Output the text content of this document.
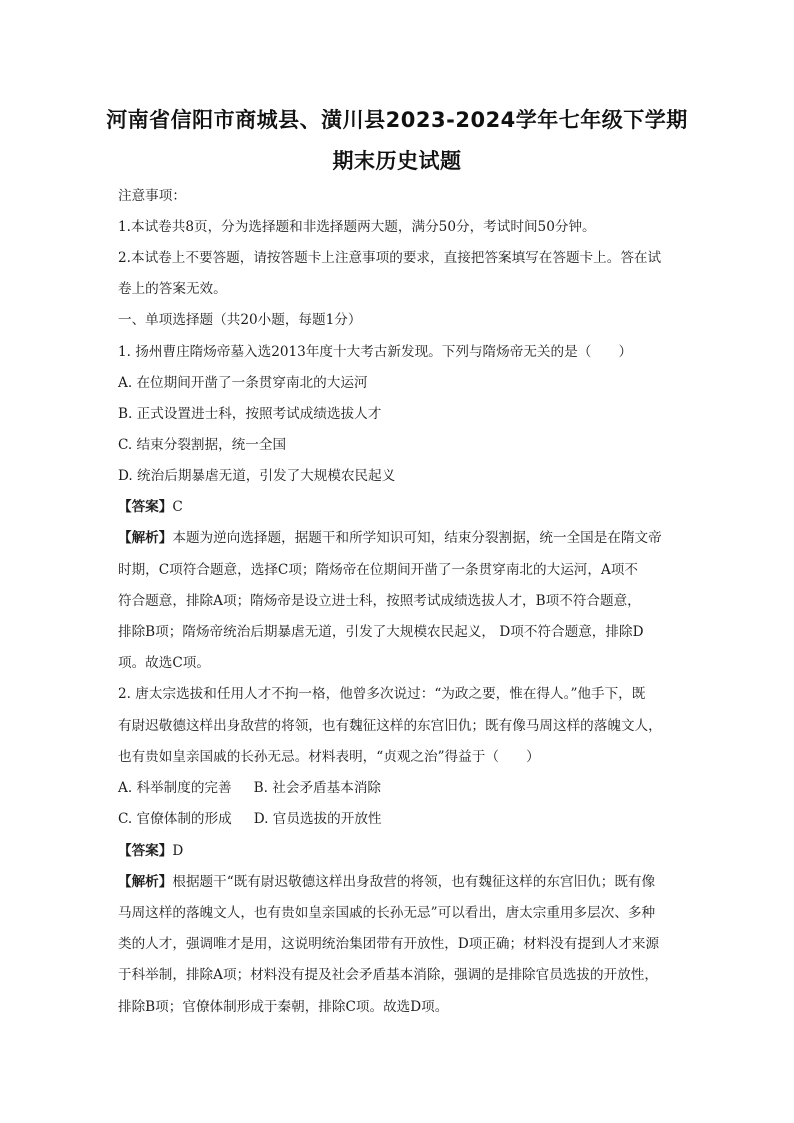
河南省信阳市商城县、潢川县2023-2024学年七年级下学期
期末历史试题
注意事项：
1.本试卷共8页，分为选择题和非选择题两大题，满分50分，考试时间50分钟。
2.本试卷上不要答题，请按答题卡上注意事项的要求，直接把答案填写在答题卡上。答在试
卷上的答案无效。
一、单项选择题（共20小题，每题1分）
1. 扬州曹庄隋炀帝墓入选2013年度十大考古新发现。下列与隋炀帝无关的是（　　）
A. 在位期间开凿了一条贯穿南北的大运河
B. 正式设置进士科，按照考试成绩选拔人才
C. 结束分裂割据，统一全国
D. 统治后期暴虐无道，引发了大规模农民起义
【答案】C
【解析】本题为逆向选择题，据题干和所学知识可知，结束分裂割据，统一全国是在隋文帝
时期，C项符合题意，选择C项；隋炀帝在位期间开凿了一条贯穿南北的大运河，A项不
符合题意，排除A项；隋炀帝是设立进士科，按照考试成绩选拔人才，B项不符合题意，
排除B项；隋炀帝统治后期暴虐无道，引发了大规模农民起义， D项不符合题意，排除D
项。故选C项。
2. 唐太宗选拔和任用人才不拘一格，他曾多次说过：“为政之要，惟在得人。”他手下，既
有尉迟敬德这样出身敌营的将领，也有魏征这样的东宫旧仇；既有像马周这样的落魄文人，
也有贵如皇亲国戚的长孙无忌。材料表明，“贞观之治”得益于（　　）
A. 科举制度的完善 B. 社会矛盾基本消除
C. 官僚体制的形成 D. 官员选拔的开放性
【答案】D
【解析】根据题干“既有尉迟敬德这样出身敌营的将领，也有魏征这样的东宫旧仇；既有像
马周这样的落魄文人，也有贵如皇亲国戚的长孙无忌”可以看出，唐太宗重用多层次、多种
类的人才，强调唯才是用，这说明统治集团带有开放性，D项正确；材料没有提到人才来源
于科举制，排除A项；材料没有提及社会矛盾基本消除，强调的是排除官员选拔的开放性，
排除B项；官僚体制形成于秦朝，排除C项。故选D项。
